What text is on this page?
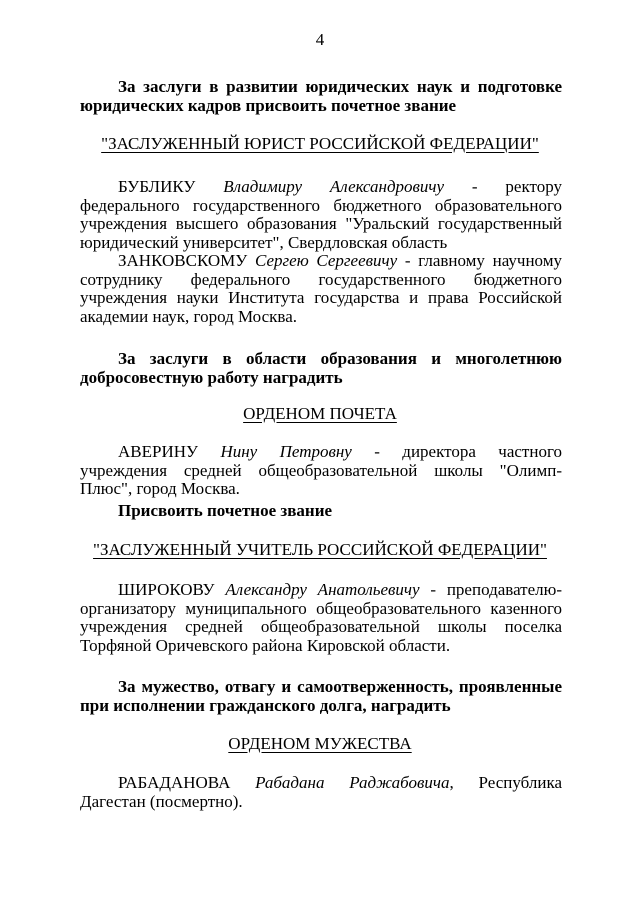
4
За заслуги в развитии юридических наук и подготовке юридических кадров присвоить почетное звание
"ЗАСЛУЖЕННЫЙ ЮРИСТ РОССИЙСКОЙ ФЕДЕРАЦИИ"
БУБЛИКУ Владимиру Александровичу - ректору федерального государственного бюджетного образовательного учреждения высшего образования "Уральский государственный юридический университет", Свердловская область
ЗАНКОВСКОМУ Сергею Сергеевичу - главному научному сотруднику федерального государственного бюджетного учреждения науки Института государства и права Российской академии наук, город Москва.
За заслуги в области образования и многолетнюю добросовестную работу наградить
ОРДЕНОМ ПОЧЕТА
АВЕРИНУ Нину Петровну - директора частного учреждения средней общеобразовательной школы "Олимп-Плюс", город Москва.
Присвоить почетное звание
"ЗАСЛУЖЕННЫЙ УЧИТЕЛЬ РОССИЙСКОЙ ФЕДЕРАЦИИ"
ШИРОКОВУ Александру Анатольевичу - преподавателю-организатору муниципального общеобразовательного казенного учреждения средней общеобразовательной школы поселка Торфяной Оричевского района Кировской области.
За мужество, отвагу и самоотверженность, проявленные при исполнении гражданского долга, наградить
ОРДЕНОМ МУЖЕСТВА
РАБАДАНОВА Рабадана Раджабовича, Республика Дагестан (посмертно).
